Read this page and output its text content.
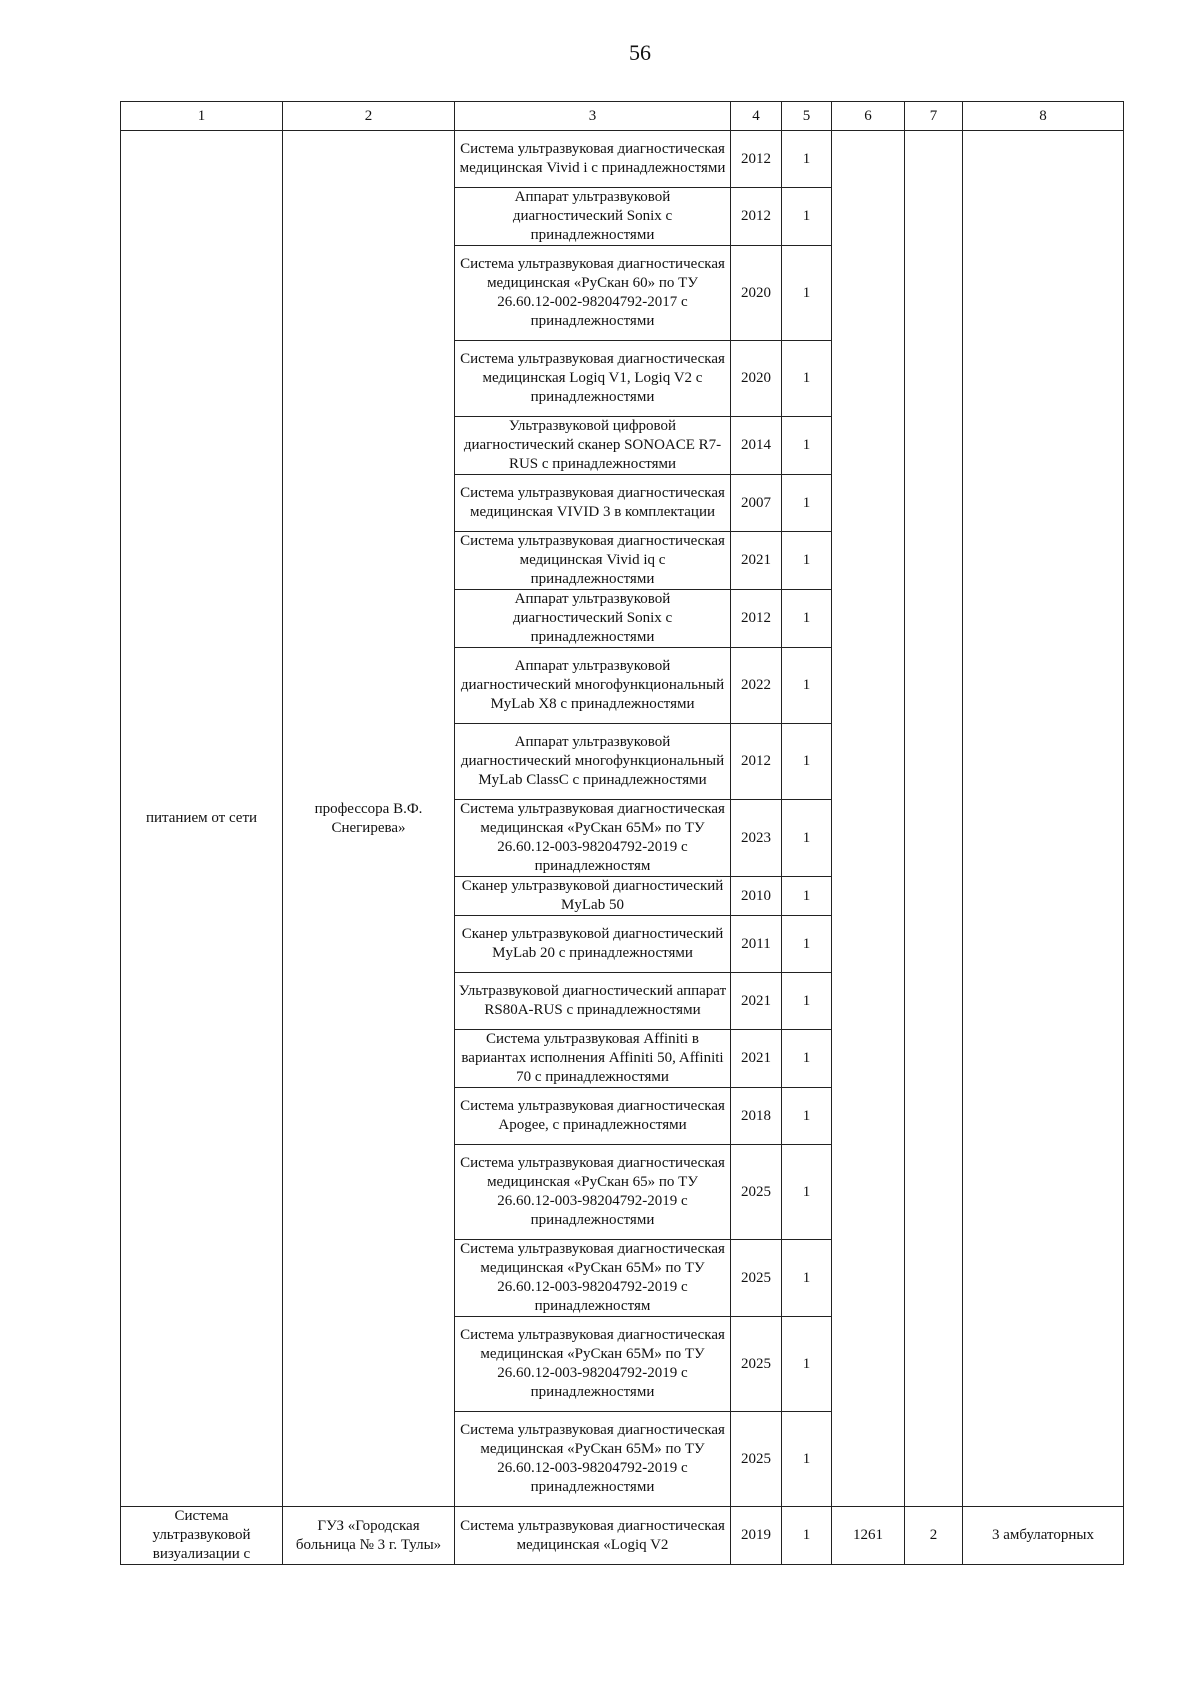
56
1	2	3	4	5	6	7	8
питанием от сети	профессора В.Ф. Снегирева»	Система ультразвуковая диагностическая медицинская Vivid i с принадлежностями	2012	1			
		Аппарат ультразвуковой диагностический Sonix с принадлежностями	2012	1			
		Система ультразвуковая диагностическая медицинская «РуСкан 60» по ТУ 26.60.12-002-98204792-2017 с принадлежностями	2020	1			
		Система ультразвуковая диагностическая медицинская Logiq V1, Logiq V2 с принадлежностями	2020	1			
		Ультразвуковой цифровой диагностический сканер SONOACE R7-RUS с принадлежностями	2014	1			
		Система ультразвуковая диагностическая медицинская VIVID 3 в комплектации	2007	1			
		Система ультразвуковая диагностическая медицинская Vivid iq с принадлежностями	2021	1			
		Аппарат ультразвуковой диагностический Sonix с принадлежностями	2012	1			
		Аппарат ультразвуковой диагностический многофункциональный MyLab X8 с принадлежностями	2022	1			
		Аппарат ультразвуковой диагностический многофункциональный MyLab ClassC с принадлежностями	2012	1			
		Система ультразвуковая диагностическая медицинская «РуСкан 65М» по ТУ 26.60.12-003-98204792-2019 с принадлежностям	2023	1			
		Сканер ультразвуковой диагностический MyLab 50	2010	1			
		Сканер ультразвуковой диагностический MyLab 20 с принадлежностями	2011	1			
		Ультразвуковой диагностический аппарат RS80A-RUS с принадлежностями	2021	1			
		Система ультразвуковая Affiniti в вариантах исполнения Affiniti 50, Affiniti 70 с принадлежностями	2021	1			
		Система ультразвуковая диагностическая Apogee, с принадлежностями	2018	1			
		Система ультразвуковая диагностическая медицинская «РуСкан 65» по ТУ 26.60.12-003-98204792-2019 с принадлежностями	2025	1			
		Система ультразвуковая диагностическая медицинская «РуСкан 65М» по ТУ 26.60.12-003-98204792-2019 с принадлежностям	2025	1			
		Система ультразвуковая диагностическая медицинская «РуСкан 65М» по ТУ 26.60.12-003-98204792-2019 с принадлежностями	2025	1			
		Система ультразвуковая диагностическая медицинская «РуСкан 65М» по ТУ 26.60.12-003-98204792-2019 с принадлежностями	2025	1			
Система ультразвуковой визуализации с	ГУЗ «Городская больница № 3 г. Тулы»	Система ультразвуковая диагностическая медицинская «Logiq V2	2019	1	1261	2	3 амбулаторных
